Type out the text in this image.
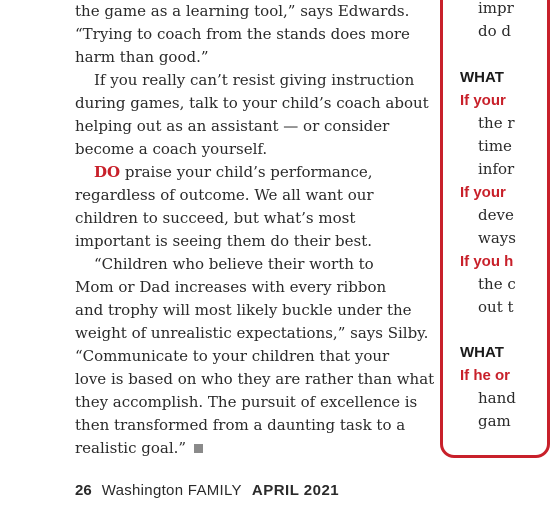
the game as a learning tool,” says Edwards.
“Trying to coach from the stands does more
harm than good.”
If you really can’t resist giving instruction
during games, talk to your child’s coach about
helping out as an assistant — or consider
become a coach yourself.
DO praise your child’s performance,
regardless of outcome. We all want our
children to succeed, but what’s most
important is seeing them do their best.
“Children who believe their worth to
Mom or Dad increases with every ribbon
and trophy will most likely buckle under the
weight of unrealistic expectations,” says Silby.
“Communicate to your children that your
love is based on who they are rather than what
they accomplish. The pursuit of excellence is
then transformed from a daunting task to a
realistic goal.”
impr
do d
WHAT
If your
the r
time
infor
If your
deve
ways
If you h
the c
out t
WHAT
If he or
hand
gam
26 Washington FAMILY APRIL 2021
